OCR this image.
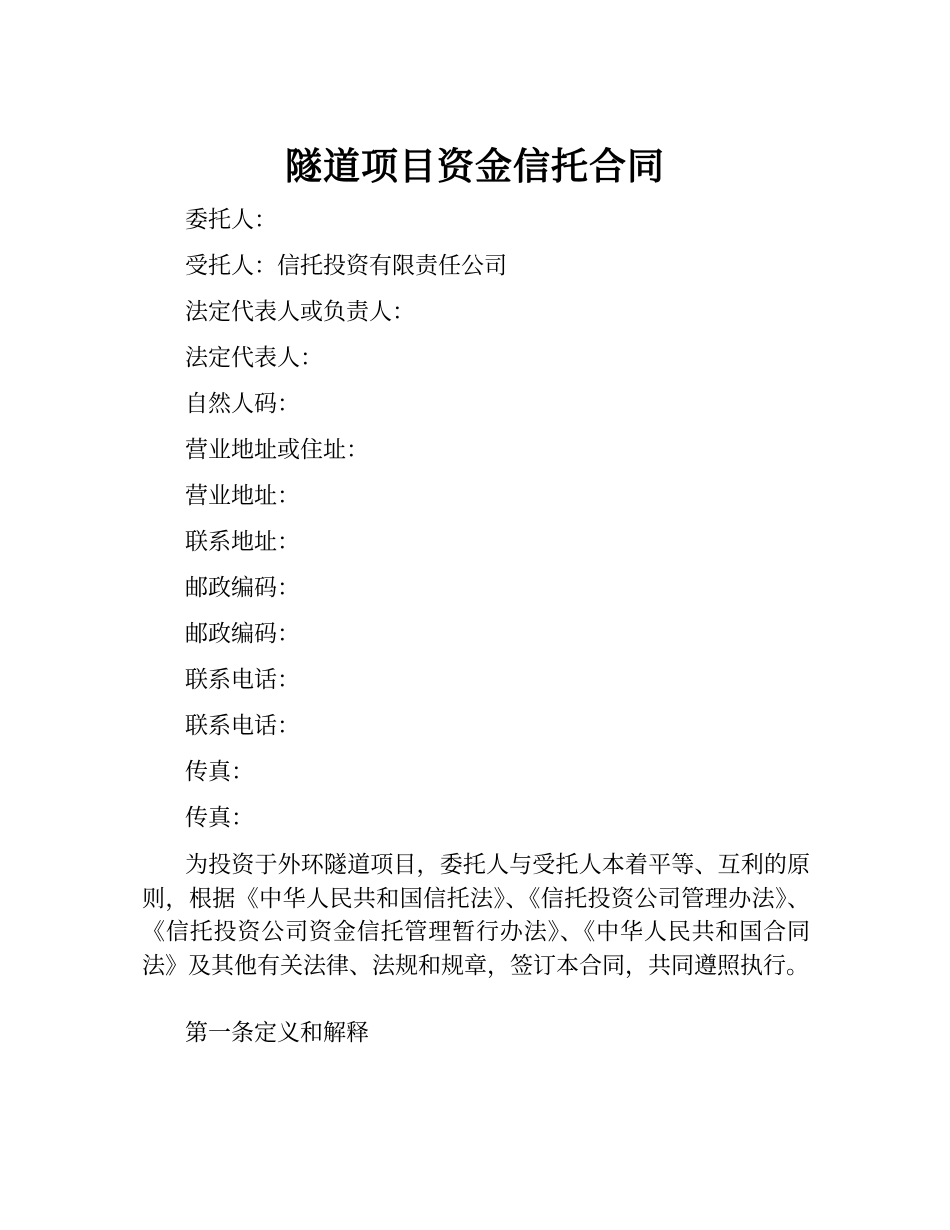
隧道项目资金信托合同
委托人：
受托人：信托投资有限责任公司
法定代表人或负责人：
法定代表人：
自然人码：
营业地址或住址：
营业地址：
联系地址：
邮政编码：
邮政编码：
联系电话：
联系电话：
传真：
传真：

为投资于外环隧道项目，委托人与受托人本着平等、互利的原则，根据《中华人民共和国信托法》、《信托投资公司管理办法》、《信托投资公司资金信托管理暂行办法》、《中华人民共和国合同法》及其他有关法律、法规和规章，签订本合同，共同遵照执行。

第一条定义和解释
